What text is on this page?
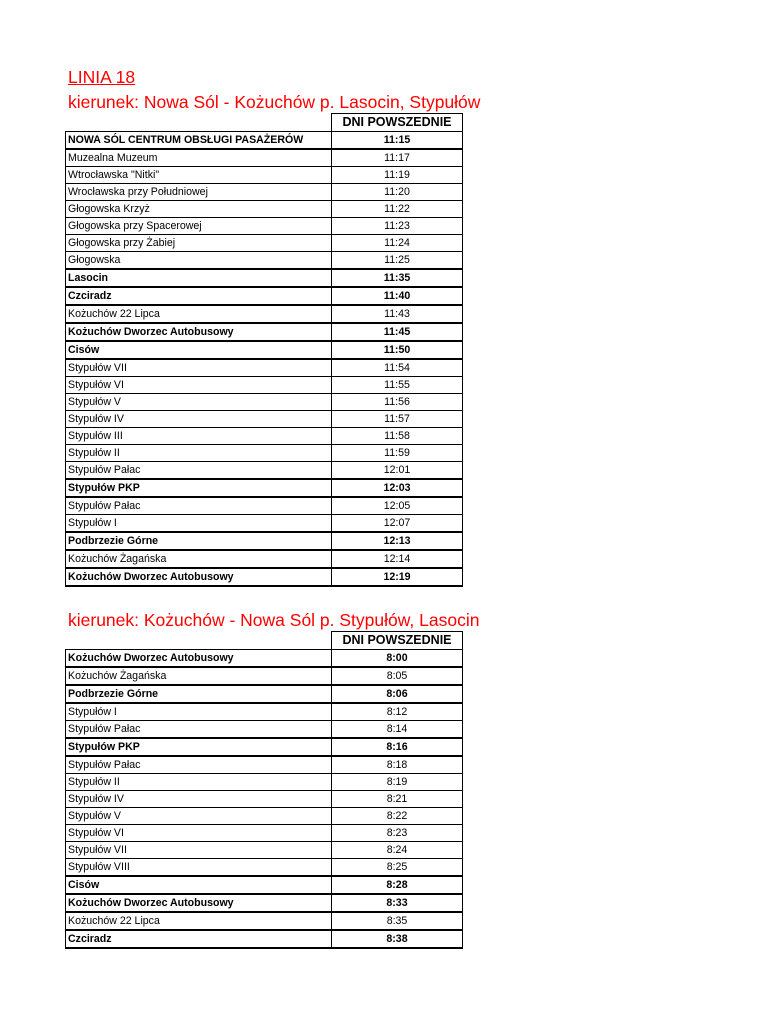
LINIA 18
kierunek: Nowa Sól - Kożuchów p. Lasocin, Stypułów
	DNI POWSZEDNIE
NOWA SÓL CENTRUM OBSŁUGI PASAŻERÓW	11:15
Muzealna Muzeum	11:17
Wtrocławska "Nitki"	11:19
Wrocławska przy Południowej	11:20
Głogowska Krzyż	11:22
Głogowska przy Spacerowej	11:23
Głogowska przy Żabiej	11:24
Głogowska	11:25
Lasocin	11:35
Czciradz	11:40
Kożuchów 22 Lipca	11:43
Kożuchów Dworzec Autobusowy	11:45
Cisów	11:50
Stypułów VII	11:54
Stypułów VI	11:55
Stypułów V	11:56
Stypułów IV	11:57
Stypułów III	11:58
Stypułów II	11:59
Stypułów Pałac	12:01
Stypułów PKP	12:03
Stypułów Pałac	12:05
Stypułów I	12:07
Podbrzezie Górne	12:13
Kożuchów Żagańska	12:14
Kożuchów Dworzec Autobusowy	12:19
kierunek: Kożuchów - Nowa Sól p. Stypułów, Lasocin
	DNI POWSZEDNIE
Kożuchów Dworzec Autobusowy	8:00
Kożuchów Żagańska	8:05
Podbrzezie Górne	8:06
Stypułów I	8:12
Stypułów Pałac	8:14
Stypułów PKP	8:16
Stypułów Pałac	8:18
Stypułów II	8:19
Stypułów IV	8:21
Stypułów V	8:22
Stypułów VI	8:23
Stypułów VII	8:24
Stypułów VIII	8:25
Cisów	8:28
Kożuchów Dworzec Autobusowy	8:33
Kożuchów 22 Lipca	8:35
Czciradz	8:38
